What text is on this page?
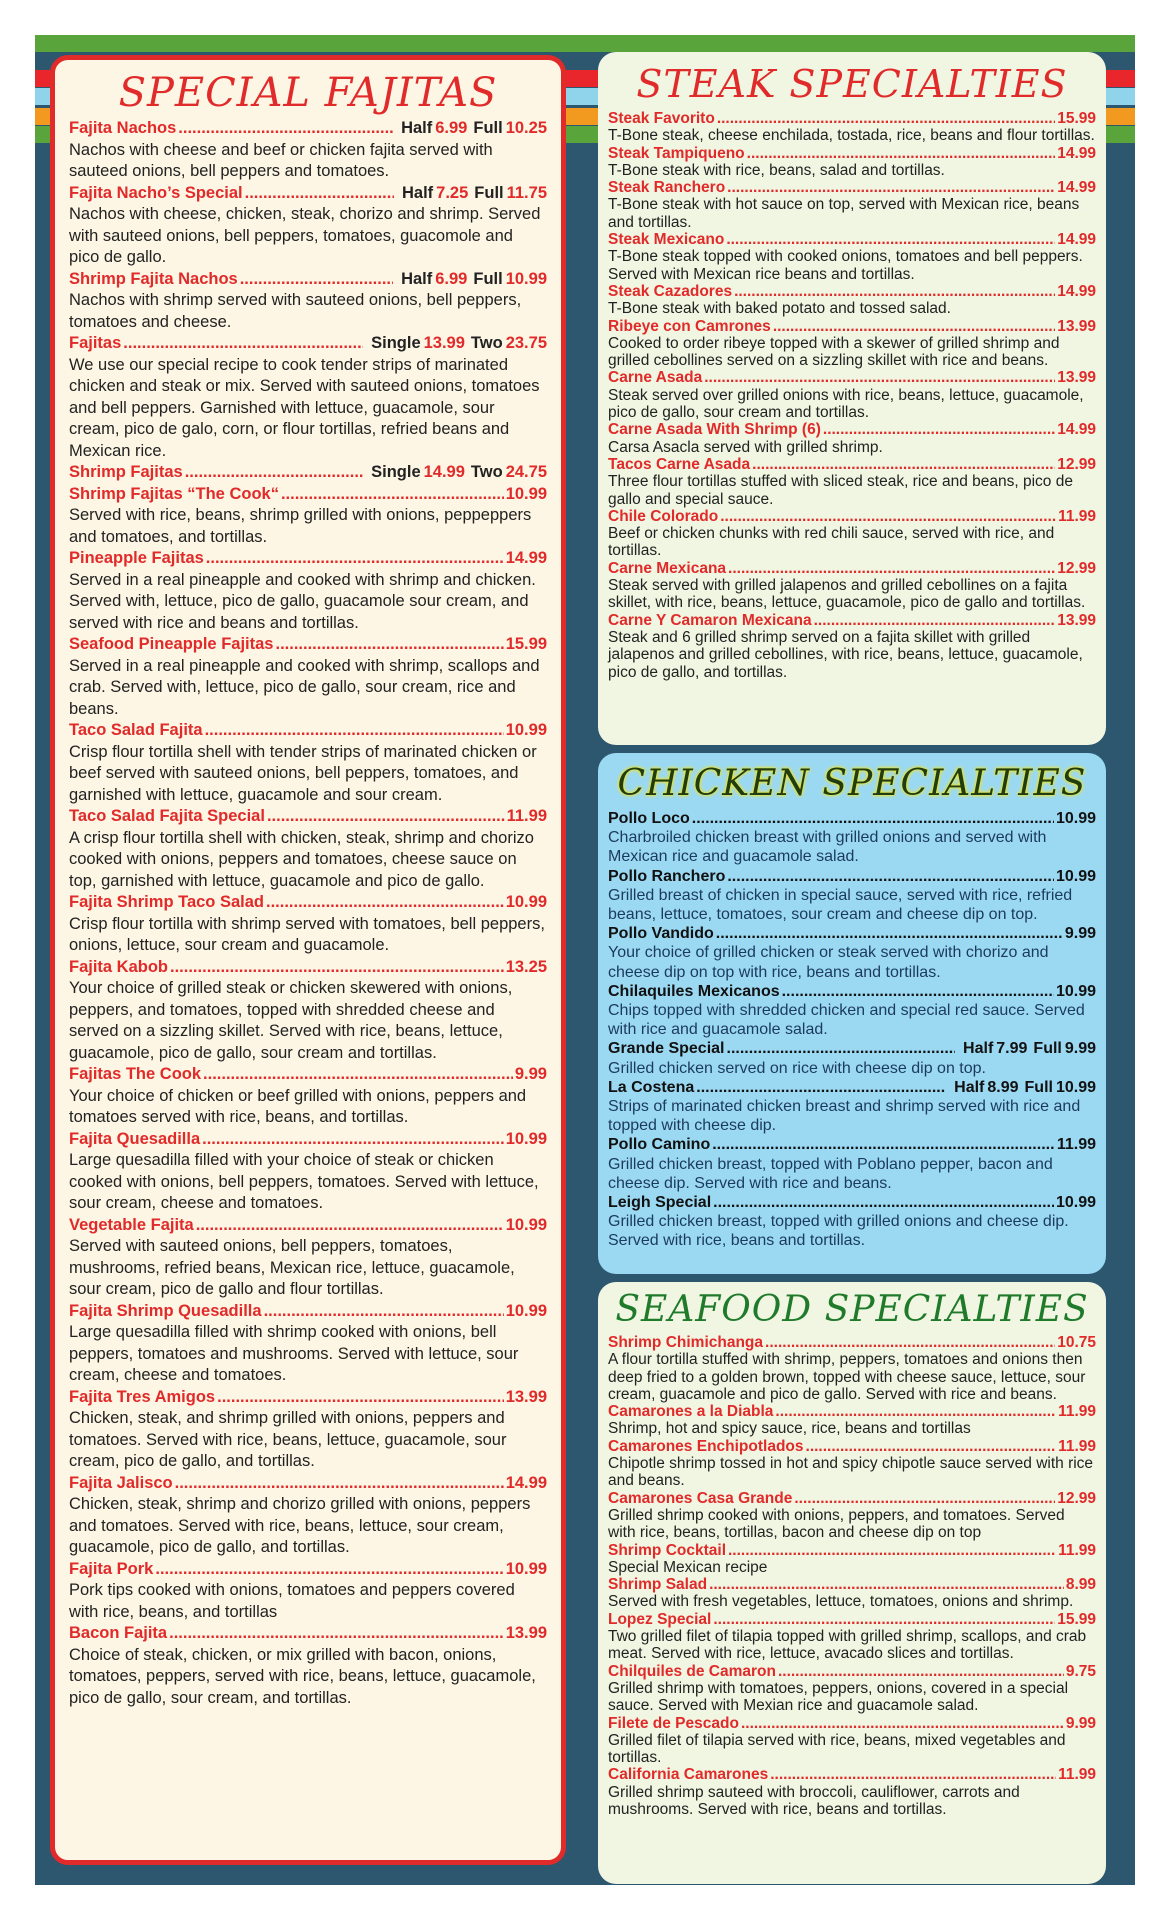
SPECIAL FAJITAS
Fajita Nachos .....	Half 6.99 Full 10.25
Nachos with cheese and beef or chicken fajita served with sauteed onions, bell peppers and tomatoes.
Fajita Nacho’s Special .....	Half 7.25 Full 11.75
Nachos with cheese, chicken, steak, chorizo and shrimp. Served with sauteed onions, bell peppers, tomatoes, guacomole and pico de gallo.
Shrimp Fajita Nachos .....	Half 6.99 Full 10.99
Nachos with shrimp served with sauteed onions, bell peppers, tomatoes and cheese.
Fajitas .....	Single 13.99 Two 23.75
We use our special recipe to cook tender strips of marinated chicken and steak or mix. Served with sauteed onions, tomatoes and bell peppers. Garnished with lettuce, guacamole, sour cream, pico de galo, corn, or flour tortillas, refried beans and Mexican rice.
Shrimp Fajitas .....	Single 14.99 Two 24.75
Shrimp Fajitas “The Cook“ .....	10.99
Served with rice, beans, shrimp grilled with onions, peppeppers and tomatoes, and tortillas.
Pineapple Fajitas .....	14.99
Served in a real pineapple and cooked with shrimp and chicken. Served with, lettuce, pico de gallo, guacamole sour cream, and served with rice and beans and tortillas.
Seafood Pineapple Fajitas .....	15.99
Served in a real pineapple and cooked with shrimp, scallops and crab. Served with, lettuce, pico de gallo, sour cream, rice and beans.
Taco Salad Fajita .....	10.99
Crisp flour tortilla shell with tender strips of marinated chicken or beef served with sauteed onions, bell peppers, tomatoes, and garnished with lettuce, guacamole and sour cream.
Taco Salad Fajita Special .....	11.99
A crisp flour tortilla shell with chicken, steak, shrimp and chorizo cooked with onions, peppers and tomatoes, cheese sauce on top, garnished with lettuce, guacamole and pico de gallo.
Fajita Shrimp Taco Salad .....	10.99
Crisp flour tortilla with shrimp served with tomatoes, bell peppers, onions, lettuce, sour cream and guacamole.
Fajita Kabob .....	13.25
Your choice of grilled steak or chicken skewered with onions, peppers, and tomatoes, topped with shredded cheese and served on a sizzling skillet. Served with rice, beans, lettuce, guacamole, pico de gallo, sour cream and tortillas.
Fajitas The Cook .....	9.99
Your choice of chicken or beef grilled with onions, peppers and tomatoes served with rice, beans, and tortillas.
Fajita Quesadilla .....	10.99
Large quesadilla filled with your choice of steak or chicken cooked with onions, bell peppers, tomatoes. Served with lettuce, sour cream, cheese and tomatoes.
Vegetable Fajita .....	10.99
Served with sauteed onions, bell peppers, tomatoes, mushrooms, refried beans, Mexican rice, lettuce, guacamole, sour cream, pico de gallo and flour tortillas.
Fajita Shrimp Quesadilla .....	10.99
Large quesadilla filled with shrimp cooked with onions, bell peppers, tomatoes and mushrooms. Served with lettuce, sour cream, cheese and tomatoes.
Fajita Tres Amigos .....	13.99
Chicken, steak, and shrimp grilled with onions, peppers and tomatoes. Served with rice, beans, lettuce, guacamole, sour cream, pico de gallo, and tortillas.
Fajita Jalisco .....	14.99
Chicken, steak, shrimp and chorizo grilled with onions, peppers and tomatoes. Served with rice, beans, lettuce, sour cream, guacamole, pico de gallo, and tortillas.
Fajita Pork .....	10.99
Pork tips cooked with onions, tomatoes and peppers covered with rice, beans, and tortillas
Bacon Fajita .....	13.99
Choice of steak, chicken, or mix grilled with bacon, onions, tomatoes, peppers, served with rice, beans, lettuce, guacamole, pico de gallo, sour cream, and tortillas.
STEAK SPECIALTIES
Steak Favorito .....	15.99
T-Bone steak, cheese enchilada, tostada, rice, beans and flour tortillas.
Steak Tampiqueno .....	14.99
T-Bone steak with rice, beans, salad and tortillas.
Steak Ranchero .....	14.99
T-Bone steak with hot sauce on top, served with Mexican rice, beans and tortillas.
Steak Mexicano .....	14.99
T-Bone steak topped with cooked onions, tomatoes and bell peppers. Served with Mexican rice beans and tortillas.
Steak Cazadores .....	14.99
T-Bone steak with baked potato and tossed salad.
Ribeye con Camrones .....	13.99
Cooked to order ribeye topped with a skewer of grilled shrimp and grilled cebollines served on a sizzling skillet with rice and beans.
Carne Asada .....	13.99
Steak served over grilled onions with rice, beans, lettuce, guacamole, pico de gallo, sour cream and tortillas.
Carne Asada With Shrimp (6) .....	14.99
Carsa Asacla served with grilled shrimp.
Tacos Carne Asada .....	12.99
Three flour tortillas stuffed with sliced steak, rice and beans, pico de gallo and special sauce.
Chile Colorado .....	11.99
Beef or chicken chunks with red chili sauce, served with rice, and tortillas.
Carne Mexicana .....	12.99
Steak served with grilled jalapenos and grilled cebollines on a fajita skillet, with rice, beans, lettuce, guacamole, pico de gallo and tortillas.
Carne Y Camaron Mexicana .....	13.99
Steak and 6 grilled shrimp served on a fajita skillet with grilled jalapenos and grilled cebollines, with rice, beans, lettuce, guacamole, pico de gallo, and tortillas.
CHICKEN SPECIALTIES
Pollo Loco .....	10.99
Charbroiled chicken breast with grilled onions and served with Mexican rice and guacamole salad.
Pollo Ranchero .....	10.99
Grilled breast of chicken in special sauce, served with rice, refried beans, lettuce, tomatoes, sour cream and cheese dip on top.
Pollo Vandido .....	9.99
Your choice of grilled chicken or steak served with chorizo and cheese dip on top with rice, beans and tortillas.
Chilaquiles Mexicanos .....	10.99
Chips topped with shredded chicken and special red sauce. Served with rice and guacamole salad.
Grande Special .....	Half 7.99 Full 9.99
Grilled chicken served on rice with cheese dip on top.
La Costena .....	Half 8.99 Full 10.99
Strips of marinated chicken breast and shrimp served with rice and topped with cheese dip.
Pollo Camino .....	11.99
Grilled chicken breast, topped with Poblano pepper, bacon and cheese dip. Served with rice and beans.
Leigh Special .....	10.99
Grilled chicken breast, topped with grilled onions and cheese dip. Served with rice, beans and tortillas.
SEAFOOD SPECIALTIES
Shrimp Chimichanga .....	10.75
A flour tortilla stuffed with shrimp, peppers, tomatoes and onions then deep fried to a golden brown, topped with cheese sauce, lettuce, sour cream, guacamole and pico de gallo. Served with rice and beans.
Camarones a la Diabla .....	11.99
Shrimp, hot and spicy sauce, rice, beans and tortillas
Camarones Enchipotlados .....	11.99
Chipotle shrimp tossed in hot and spicy chipotle sauce served with rice and beans.
Camarones Casa Grande .....	12.99
Grilled shrimp cooked with onions, peppers, and tomatoes. Served with rice, beans, tortillas, bacon and cheese dip on top
Shrimp Cocktail .....	11.99
Special Mexican recipe
Shrimp Salad .....	8.99
Served with fresh vegetables, lettuce, tomatoes, onions and shrimp.
Lopez Special .....	15.99
Two grilled filet of tilapia topped with grilled shrimp, scallops, and crab meat. Served with rice, lettuce, avacado slices and tortillas.
Chilquiles de Camaron .....	9.75
Grilled shrimp with tomatoes, peppers, onions, covered in a special sauce. Served with Mexian rice and guacamole salad.
Filete de Pescado .....	9.99
Grilled filet of tilapia served with rice, beans, mixed vegetables and tortillas.
California Camarones .....	11.99
Grilled shrimp sauteed with broccoli, cauliflower, carrots and mushrooms. Served with rice, beans and tortillas.
